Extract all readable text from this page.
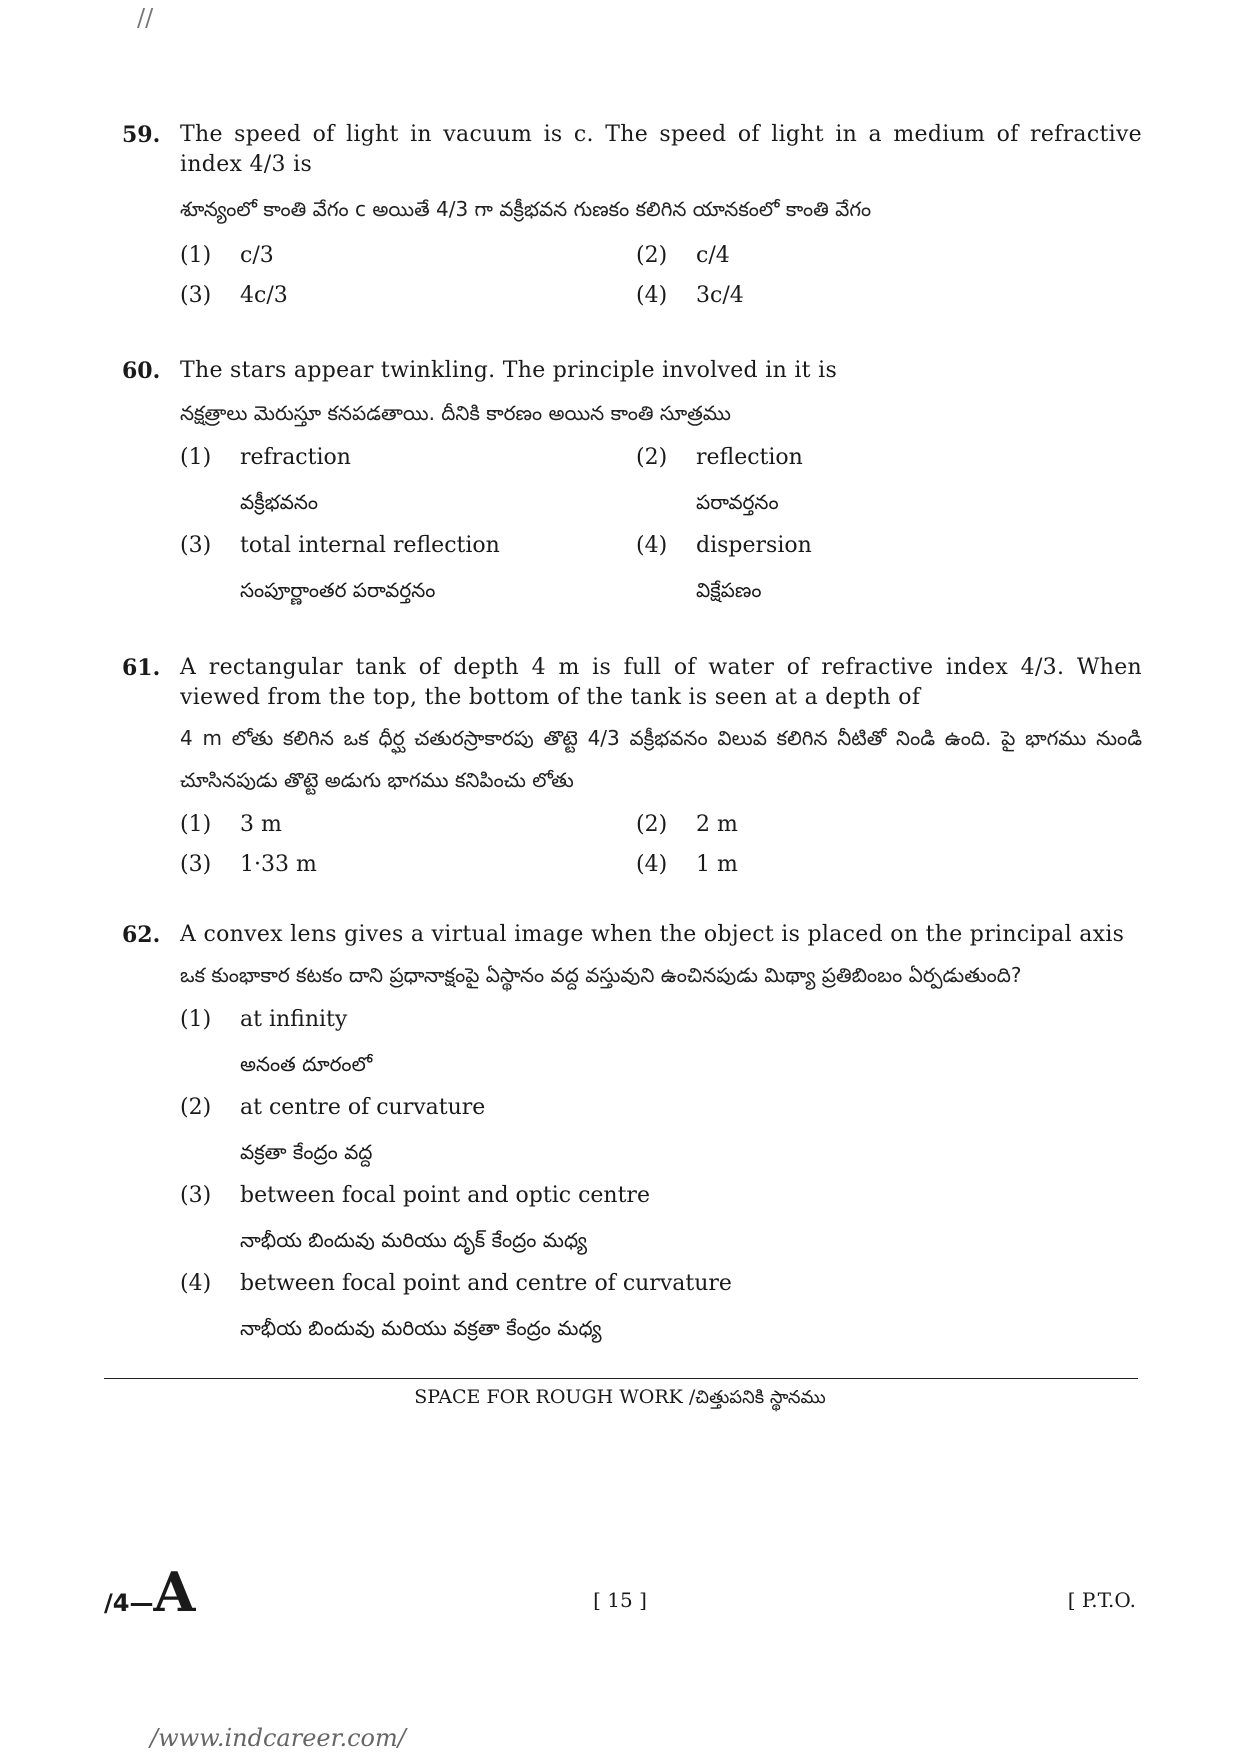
//
59. The speed of light in vacuum is c. The speed of light in a medium of refractive index 4/3 is
శూన్యంలో కాంతి వేగం c అయితే 4/3 గా వక్రీభవన గుణకం కలిగిన యానకంలో కాంతి వేగం
(1)	c/3	(2)	c/4
(3)	4c/3	(4)	3c/4
60. The stars appear twinkling. The principle involved in it is
నక్షత్రాలు మెరుస్తూ కనపడతాయి. దీనికి కారణం అయిన కాంతి సూత్రము
(1)	refraction
వక్రీభవనం
(2)	reflection
పరావర్తనం
(3)	total internal reflection
సంపూర్ణాంతర పరావర్తనం
(4)	dispersion
విక్షేపణం
61. A rectangular tank of depth 4 m is full of water of refractive index 4/3. When viewed from the top, the bottom of the tank is seen at a depth of
4 m లోతు కలిగిన ఒక ధీర్ఘ చతురస్రాకారపు తొట్టె 4/3 వక్రీభవనం విలువ కలిగిన నీటితో నిండి ఉంది. పై భాగము నుండి చూసినపుడు తొట్టె అడుగు భాగము కనిపించు లోతు
(1)	3 m	(2)	2 m
(3)	1·33 m	(4)	1 m
62. A convex lens gives a virtual image when the object is placed on the principal axis
ఒక కుంభాకార కటకం దాని ప్రధానాక్షంపై ఏస్థానం వద్ద వస్తువుని ఉంచినపుడు మిథ్యా ప్రతిబింబం ఏర్పడుతుంది?
(1)	at infinity
అనంత దూరంలో
(2)	at centre of curvature
వక్రతా కేంద్రం వద్ద
(3)	between focal point and optic centre
నాభీయ బిందువు మరియు దృక్ కేంద్రం మధ్య
(4)	between focal point and centre of curvature
నాభీయ బిందువు మరియు వక్రతా కేంద్రం మధ్య
SPACE FOR ROUGH WORK /చిత్తుపనికి స్థానము
/4—A	[ 15 ]	[ P.T.O.
/www.indcareer.com/
